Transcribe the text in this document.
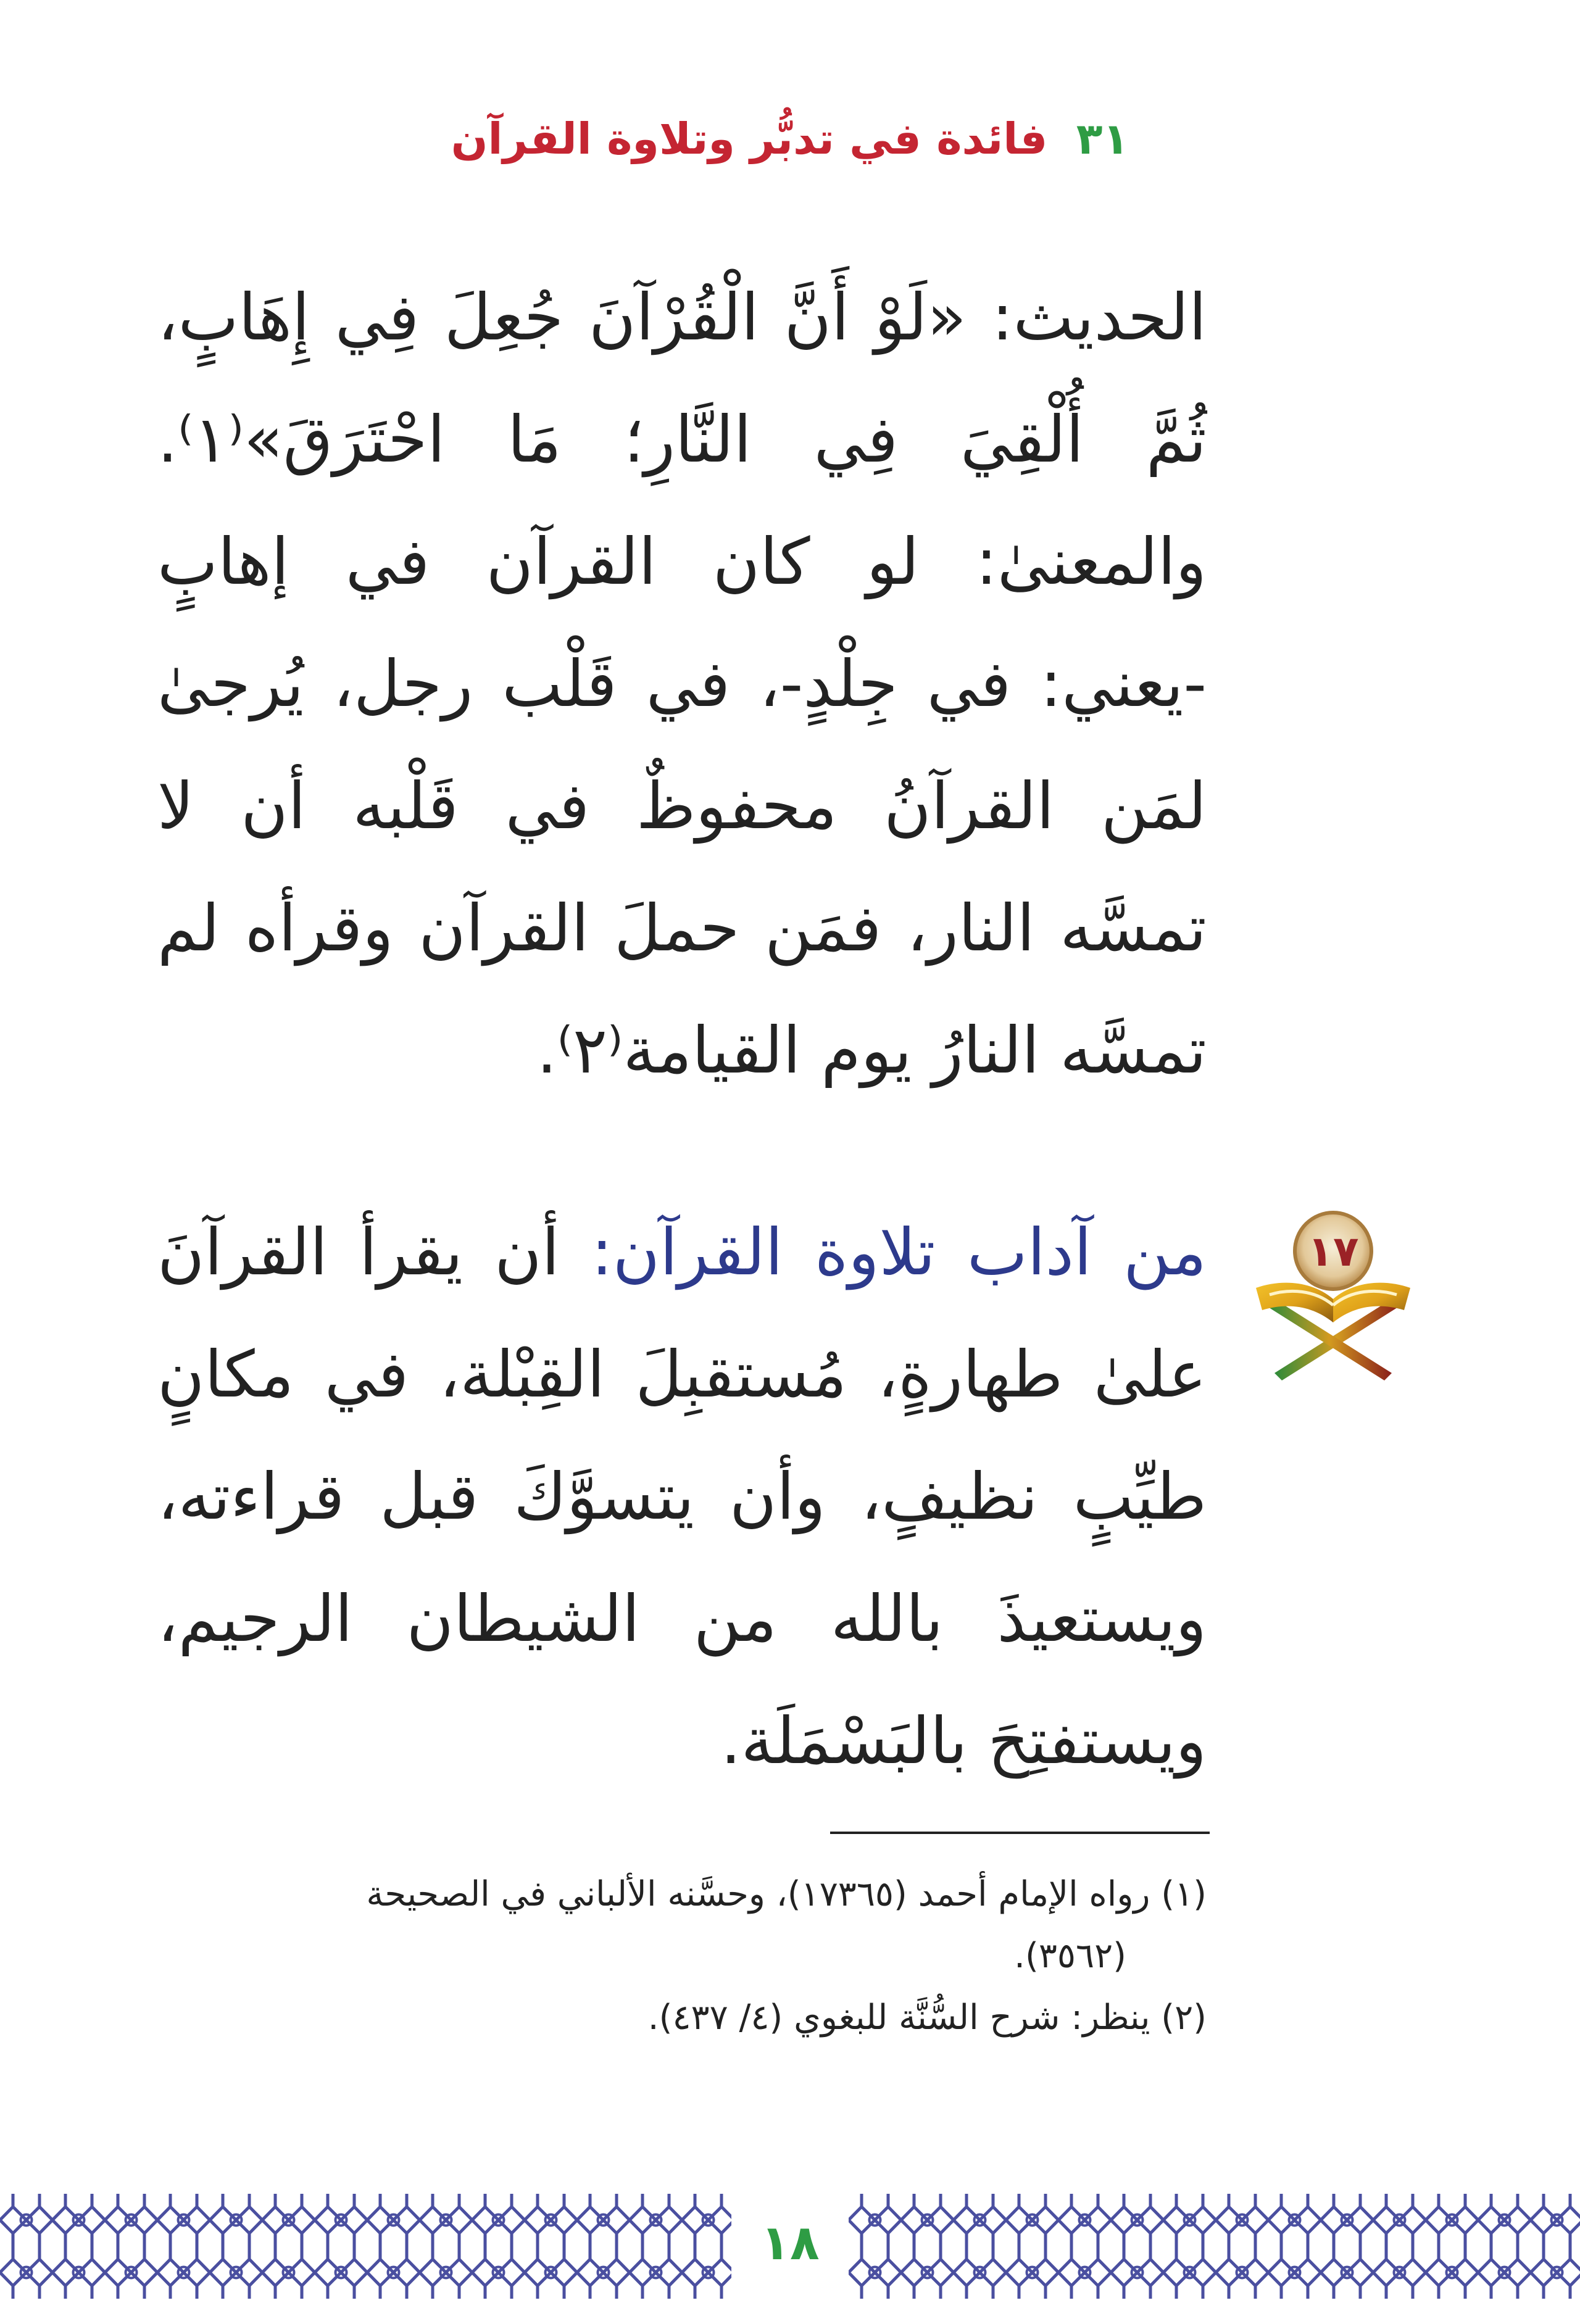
٣١ فائدة في تدبُّر وتلاوة القرآن
الحديث: «لَوْ أَنَّ الْقُرْآنَ جُعِلَ فِي إِهَابٍ، ثُمَّ أُلْقِيَ فِي النَّارِ؛ مَا احْتَرَقَ»⁽١⁾. والمعنىٰ: لو كان القرآن في إهابٍ -يعني: في جِلْدٍ-، في قَلْب رجل، يُرجىٰ لمَن القرآنُ محفوظٌ في قَلْبه أن لا تمسَّه النار، فمَن حملَ القرآن وقرأه لم تمسَّه النارُ يوم القيامة⁽٢⁾.
١٧
من آداب تلاوة القرآن: أن يقرأ القرآنَ علىٰ طهارةٍ، مُستقبِلَ القِبْلة، في مكانٍ طيِّبٍ نظيفٍ، وأن يتسوَّكَ قبل قراءته، ويستعيذَ بالله من الشيطان الرجيم، ويستفتِحَ بالبَسْمَلَة.
(١) رواه الإمام أحمد (١٧٣٦٥)، وحسَّنه الألباني في الصحيحة
(٣٥٦٢).
(٢) ينظر: شرح السُّنَّة للبغوي (٤/ ٤٣٧).
١٨
